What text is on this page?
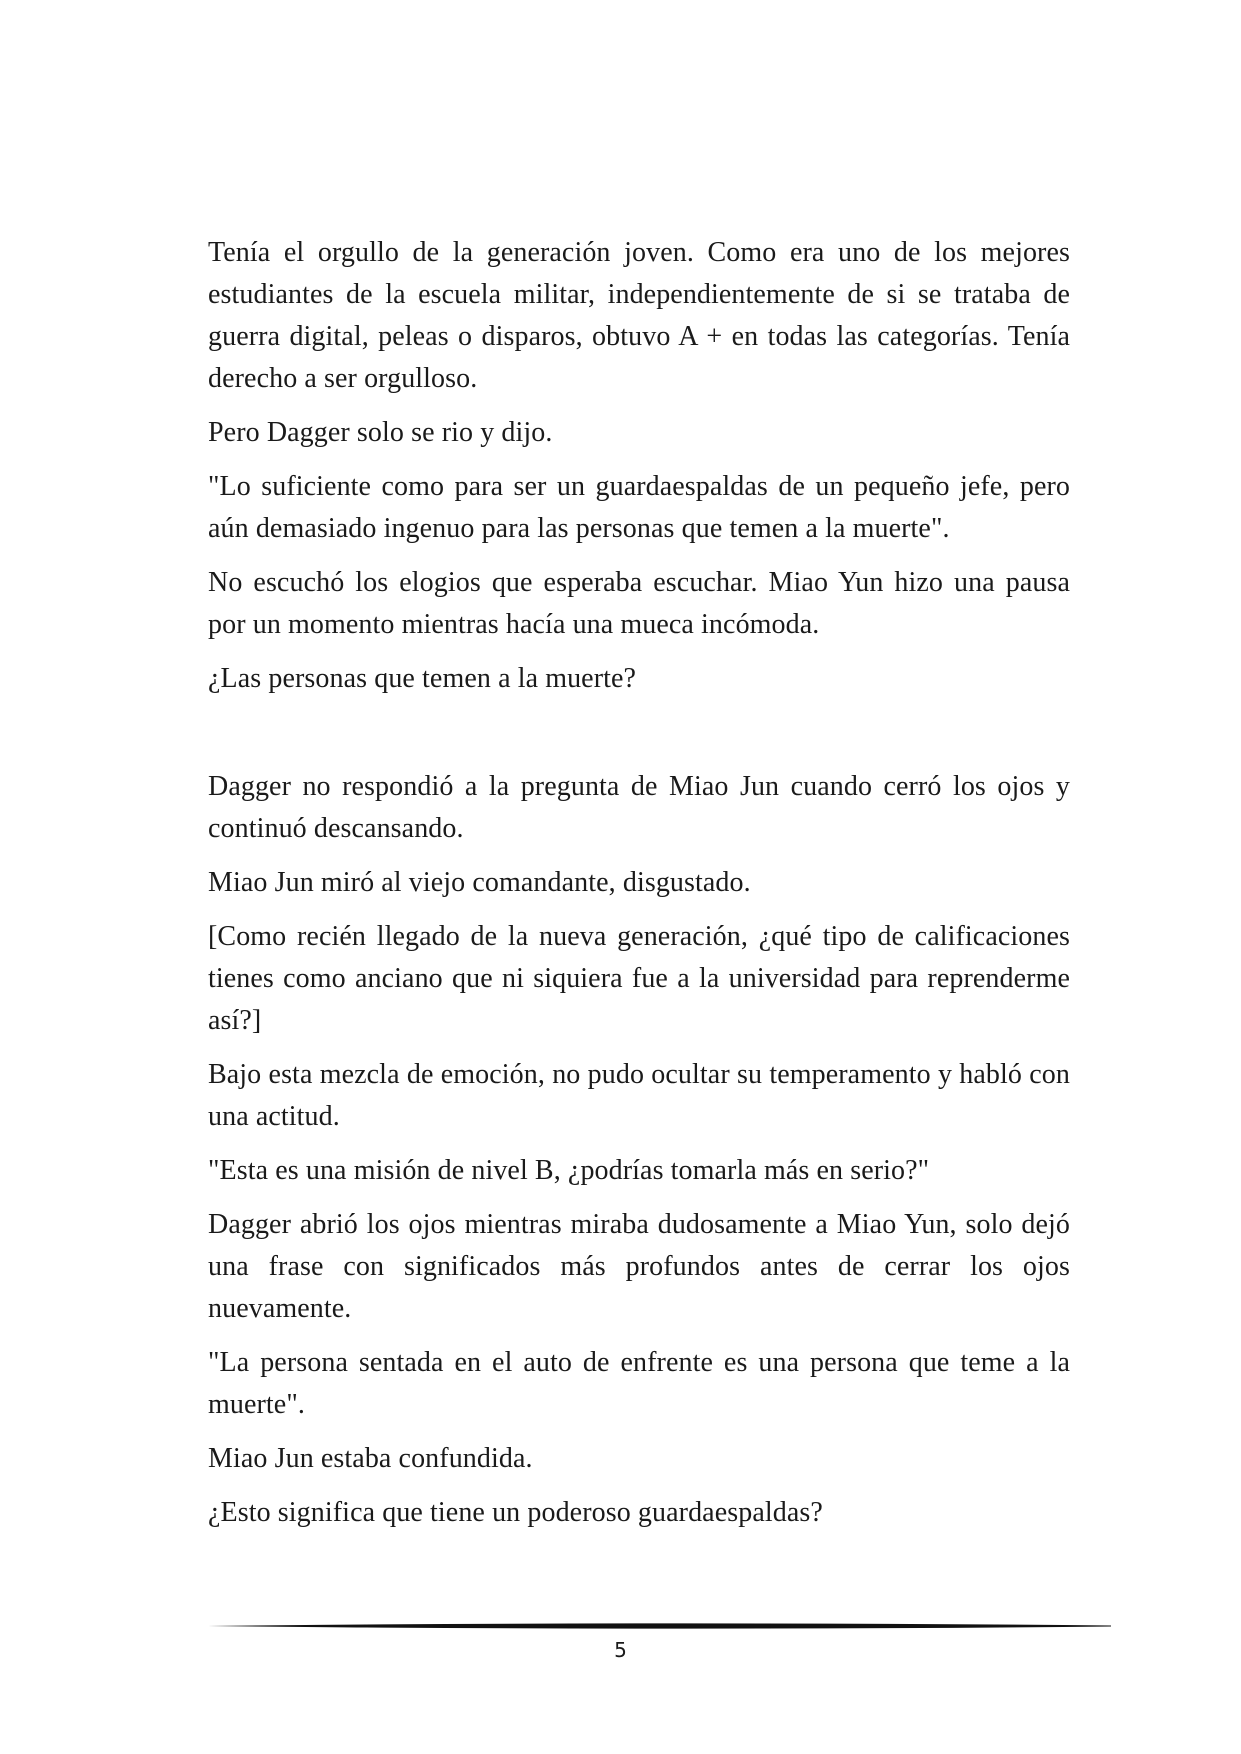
Tenía el orgullo de la generación joven. Como era uno de los mejores estudiantes de la escuela militar, independientemente de si se trataba de guerra digital, peleas o disparos, obtuvo A + en todas las categorías. Tenía derecho a ser orgulloso.

Pero Dagger solo se rio y dijo.

"Lo suficiente como para ser un guardaespaldas de un pequeño jefe, pero aún demasiado ingenuo para las personas que temen a la muerte".

No escuchó los elogios que esperaba escuchar. Miao Yun hizo una pausa por un momento mientras hacía una mueca incómoda.

¿Las personas que temen a la muerte?

Dagger no respondió a la pregunta de Miao Jun cuando cerró los ojos y continuó descansando.

Miao Jun miró al viejo comandante, disgustado.

[Como recién llegado de la nueva generación, ¿qué tipo de calificaciones tienes como anciano que ni siquiera fue a la universidad para reprenderme así?]

Bajo esta mezcla de emoción, no pudo ocultar su temperamento y habló con una actitud.

"Esta es una misión de nivel B, ¿podrías tomarla más en serio?"

Dagger abrió los ojos mientras miraba dudosamente a Miao Yun, solo dejó una frase con significados más profundos antes de cerrar los ojos nuevamente.

"La persona sentada en el auto de enfrente es una persona que teme a la muerte".

Miao Jun estaba confundida.

¿Esto significa que tiene un poderoso guardaespaldas?

5
